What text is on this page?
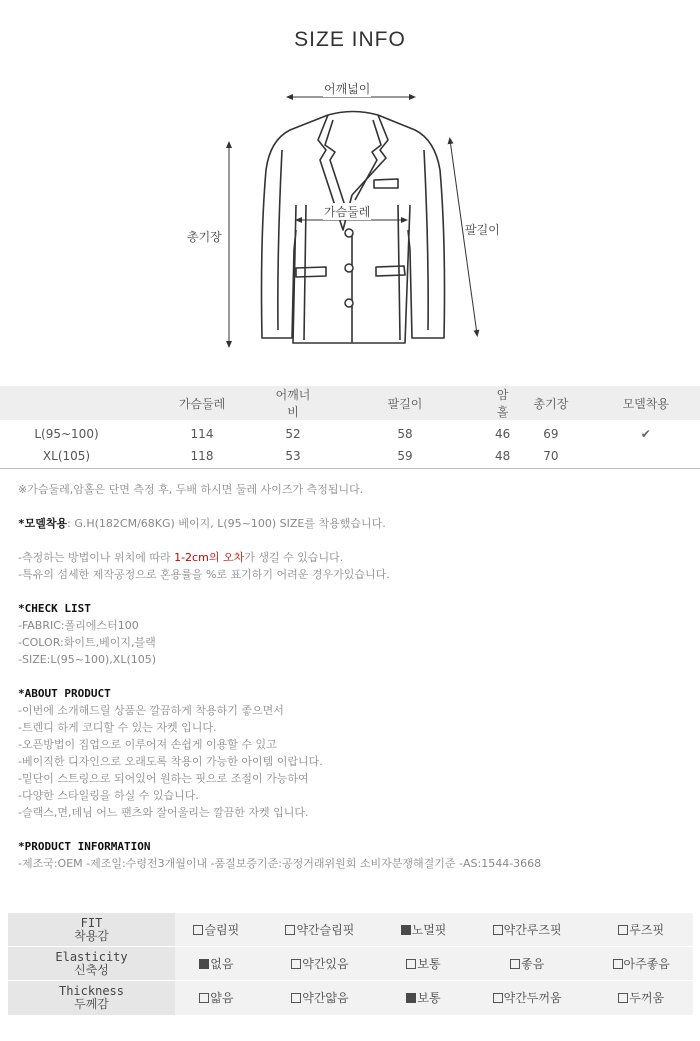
SIZE INFO
어깨넓이
가슴둘레
총기장	팔길이
	가슴둘레	어깨너비	팔길이	암홀	총기장	모델착용
L(95~100)	114	52	58	46	69	✔
XL(105)	118	53	59	48	70	
※가슴둘레,암홀은 단면 측정 후, 두배 하시면 둘레 사이즈가 측정됩니다.
*모델착용: G.H(182CM/68KG) 베이지, L(95~100) SIZE를 착용했습니다.
-측정하는 방법이나 위치에 따라 1-2cm의 오차가 생길 수 있습니다.
-특유의 섬세한 제작공정으로 혼용률을 %로 표기하기 어려운 경우가있습니다.
*CHECK LIST
-FABRIC:폴리에스터100
-COLOR:화이트,베이지,블랙
-SIZE:L(95~100),XL(105)
*ABOUT PRODUCT
-이번에 소개해드릴 상품은 깔끔하게 착용하기 좋으면서
-트렌디 하게 코디할 수 있는 자켓 입니다.
-오픈방법이 집업으로 이루어져 손쉽게 이용할 수 있고
-베이직한 디자인으로 오래도록 착용이 가능한 아이템 이랍니다.
-밑단이 스트링으로 되어있어 원하는 핏으로 조절이 가능하여
-다양한 스타일링을 하실 수 있습니다.
-슬랙스,면,데님 어느 팬츠와 잘어울리는 깔끔한 자켓 입니다.
*PRODUCT INFORMATION
-제조국:OEM -제조일:수령전3개월이내 -품질보증기준:공정거래위원회 소비자분쟁해결기준 -AS:1544-3668
FIT
착용감	슬림핏	약간슬림핏	노멀핏	약간루즈핏	루즈핏

Elasticity
신축성	없음	약간있음	보통	좋음	아주좋음

Thickness
두께감	얇음	약간얇음	보통	약간두꺼움	두꺼움
